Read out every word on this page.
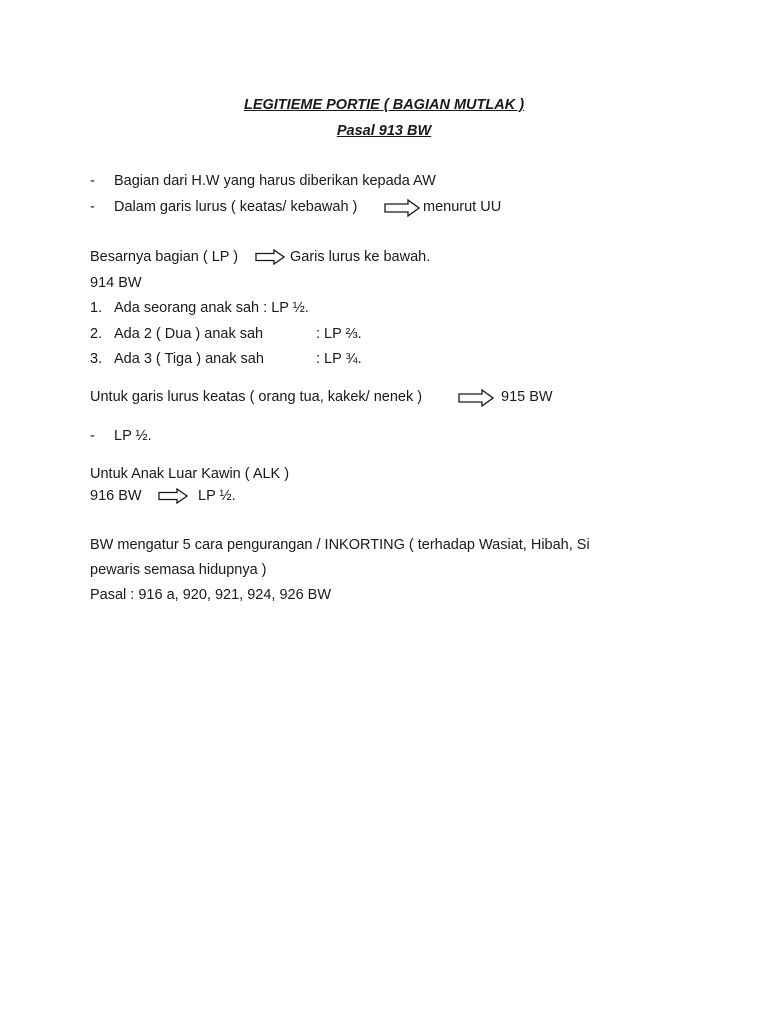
LEGITIEME PORTIE ( BAGIAN MUTLAK )
Pasal 913 BW
- Bagian dari H.W yang harus diberikan kepada AW
- Dalam garis lurus ( keatas/ kebawah )	menurut UU
Besarnya bagian ( LP )	Garis lurus ke bawah.
914 BW
1. Ada seorang anak sah : LP ½.
2. Ada 2 ( Dua ) anak sah	: LP ⅔.
3. Ada 3 ( Tiga ) anak sah	: LP ¾.
Untuk garis lurus keatas ( orang tua, kakek/ nenek )	915 BW
- LP ½.
Untuk Anak Luar Kawin ( ALK )
916 BW	LP ½.
BW mengatur 5 cara pengurangan / INKORTING ( terhadap Wasiat, Hibah, Si
pewaris semasa hidupnya )
Pasal : 916 a, 920, 921, 924, 926 BW
